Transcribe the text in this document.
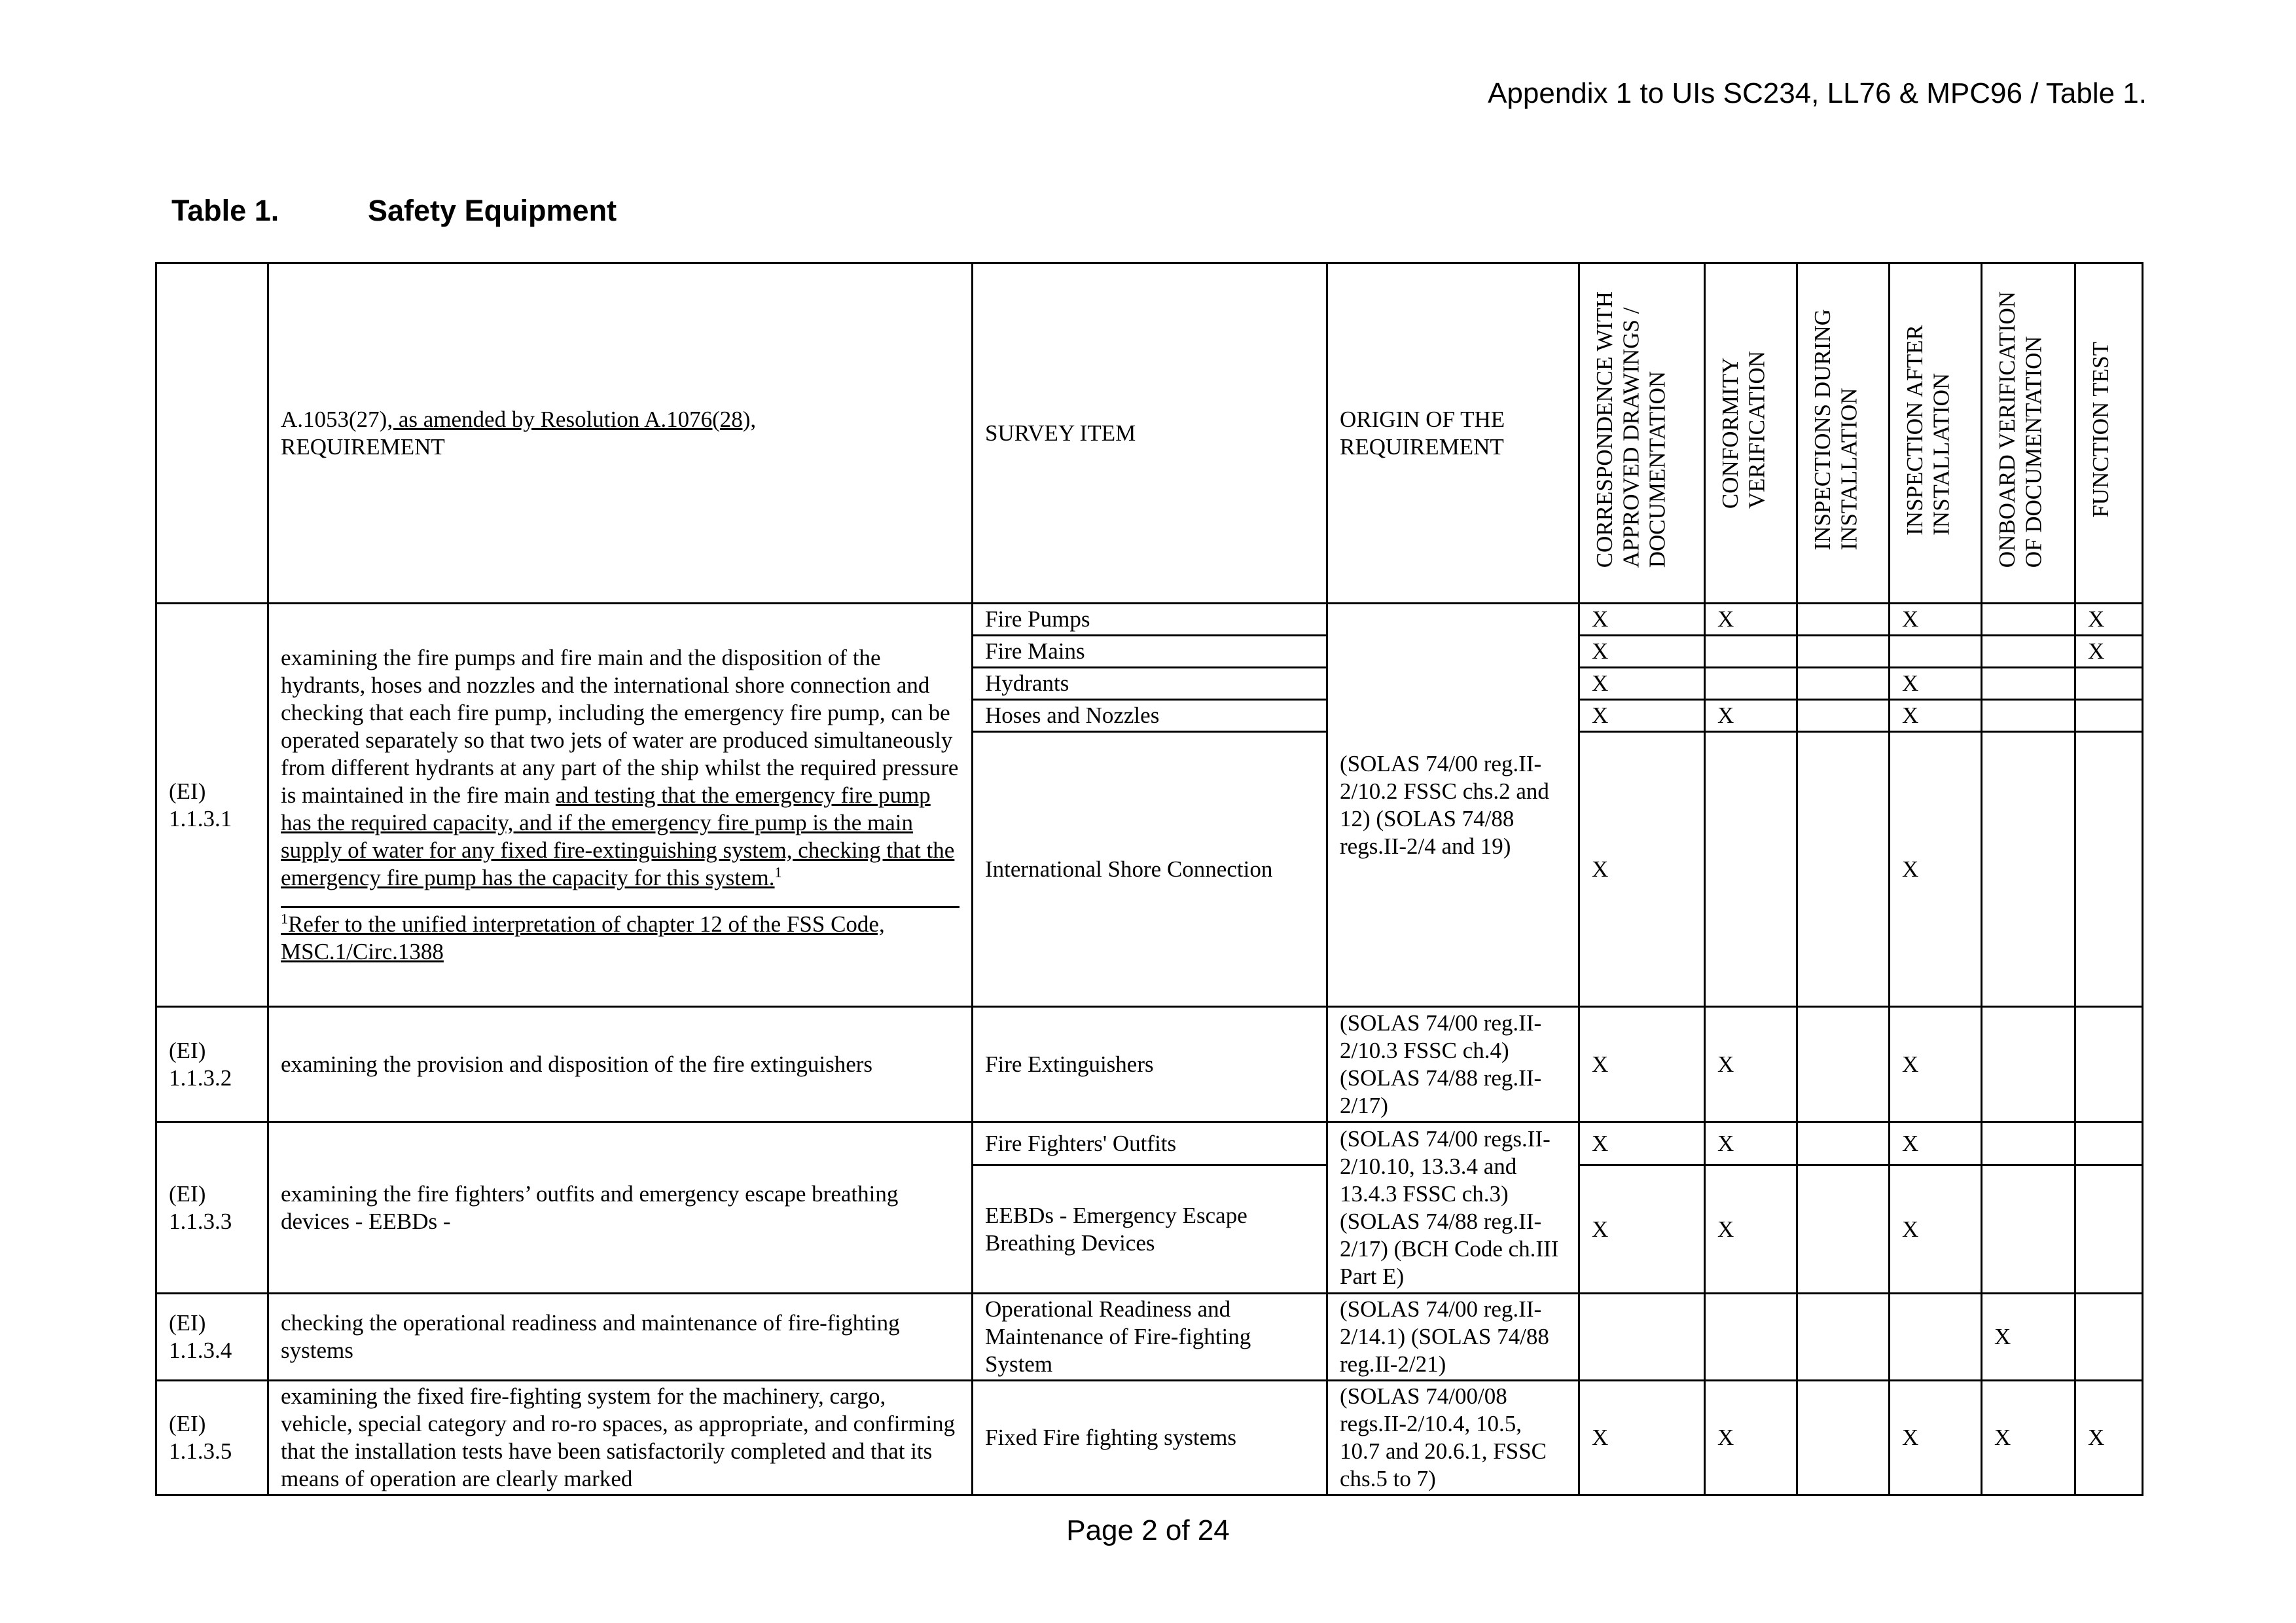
Appendix 1 to UIs SC234, LL76 & MPC96 / Table 1.
Table 1.	Safety Equipment
	A.1053(27), as amended by Resolution A.1076(28),
REQUIREMENT	SURVEY ITEM	ORIGIN OF THE REQUIREMENT	CORRESPONDENCE WITH
APPROVED DRAWINGS /
DOCUMENTATION	CONFORMITY
VERIFICATION	INSPECTIONS DURING
INSTALLATION	INSPECTION AFTER
INSTALLATION	ONBOARD VERIFICATION
OF DOCUMENTATION	FUNCTION TEST
(EI)
1.1.3.1	examining the fire pumps and fire main and the disposition of the hydrants, hoses and nozzles and the international shore connection and checking that each fire pump, including the emergency fire pump, can be operated separately so that two jets of water are produced simultaneously from different hydrants at any part of the ship whilst the required pressure is maintained in the fire main and testing that the emergency fire pump has the required capacity, and if the emergency fire pump is the main supply of water for any fixed fire-extinguishing system, checking that the emergency fire pump has the capacity for this system.$^1$
$^1$Refer to the unified interpretation of chapter 12 of the FSS Code, MSC.1/Circ.1388	Fire Pumps	(SOLAS 74/00 reg.II-2/10.2 FSSC chs.2 and 12) (SOLAS 74/88 regs.II-2/4 and 19)	X	X		X		X
		Fire Mains		X					X
		Hydrants		X			X		
		Hoses and Nozzles		X	X		X		
		International Shore Connection		X			X		
(EI)
1.1.3.2	examining the provision and disposition of the fire extinguishers	Fire Extinguishers	(SOLAS 74/00 reg.II-2/10.3 FSSC ch.4) (SOLAS 74/88 reg.II-2/17)	X	X		X		
(EI)
1.1.3.3	examining the fire fighters’ outfits and emergency escape breathing devices - EEBDs -	Fire Fighters' Outfits	(SOLAS 74/00 regs.II-2/10.10, 13.3.4 and 13.4.3 FSSC ch.3) (SOLAS 74/88 reg.II-2/17) (BCH Code ch.III Part E)	X	X		X		
		EEBDs - Emergency Escape Breathing Devices		X	X		X		
(EI)
1.1.3.4	checking the operational readiness and maintenance of fire-fighting systems	Operational Readiness and Maintenance of Fire-fighting System	(SOLAS 74/00 reg.II-2/14.1) (SOLAS 74/88 reg.II-2/21)					X	
(EI)
1.1.3.5	examining the fixed fire-fighting system for the machinery, cargo, vehicle, special category and ro-ro spaces, as appropriate, and confirming that the installation tests have been satisfactorily completed and that its means of operation are clearly marked	Fixed Fire fighting systems	(SOLAS 74/00/08 regs.II-2/10.4, 10.5, 10.7 and 20.6.1, FSSC chs.5 to 7)	X	X		X	X	X
Page 2 of 24
